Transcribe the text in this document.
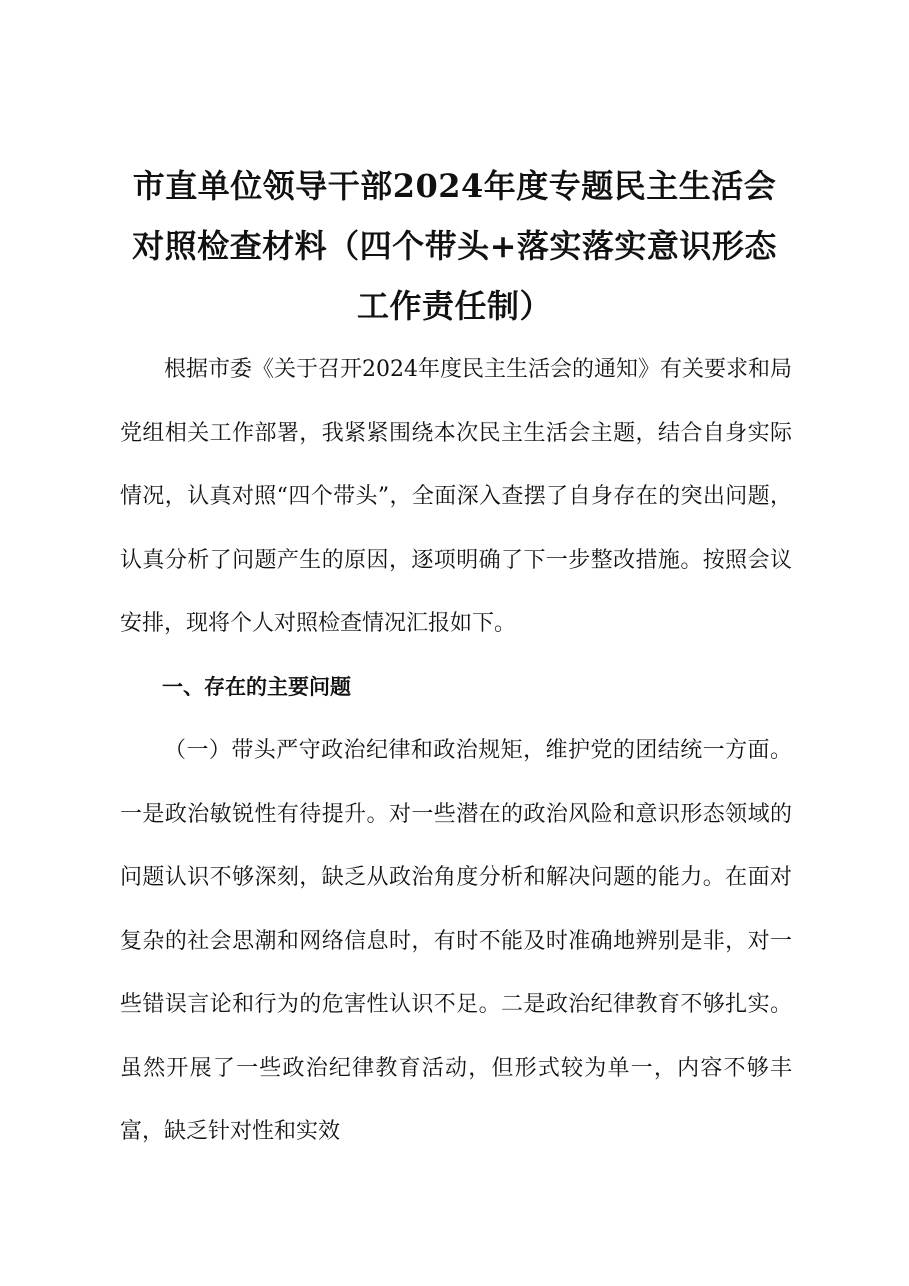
市直单位领导干部2024年度专题民主生活会
对照检查材料（四个带头+落实落实意识形态
工作责任制）

根据市委《关于召开2024年度民主生活会的通知》有关要求和局党组相关工作部署，我紧紧围绕本次民主生活会主题，结合自身实际情况，认真对照“四个带头”，全面深入查摆了自身存在的突出问题，认真分析了问题产生的原因，逐项明确了下一步整改措施。按照会议安排，现将个人对照检查情况汇报如下。

一、存在的主要问题

（一）带头严守政治纪律和政治规矩，维护党的团结统一方面。一是政治敏锐性有待提升。对一些潜在的政治风险和意识形态领域的问题认识不够深刻，缺乏从政治角度分析和解决问题的能力。在面对复杂的社会思潮和网络信息时，有时不能及时准确地辨别是非，对一些错误言论和行为的危害性认识不足。二是政治纪律教育不够扎实。虽然开展了一些政治纪律教育活动，但形式较为单一，内容不够丰富，缺乏针对性和实效
